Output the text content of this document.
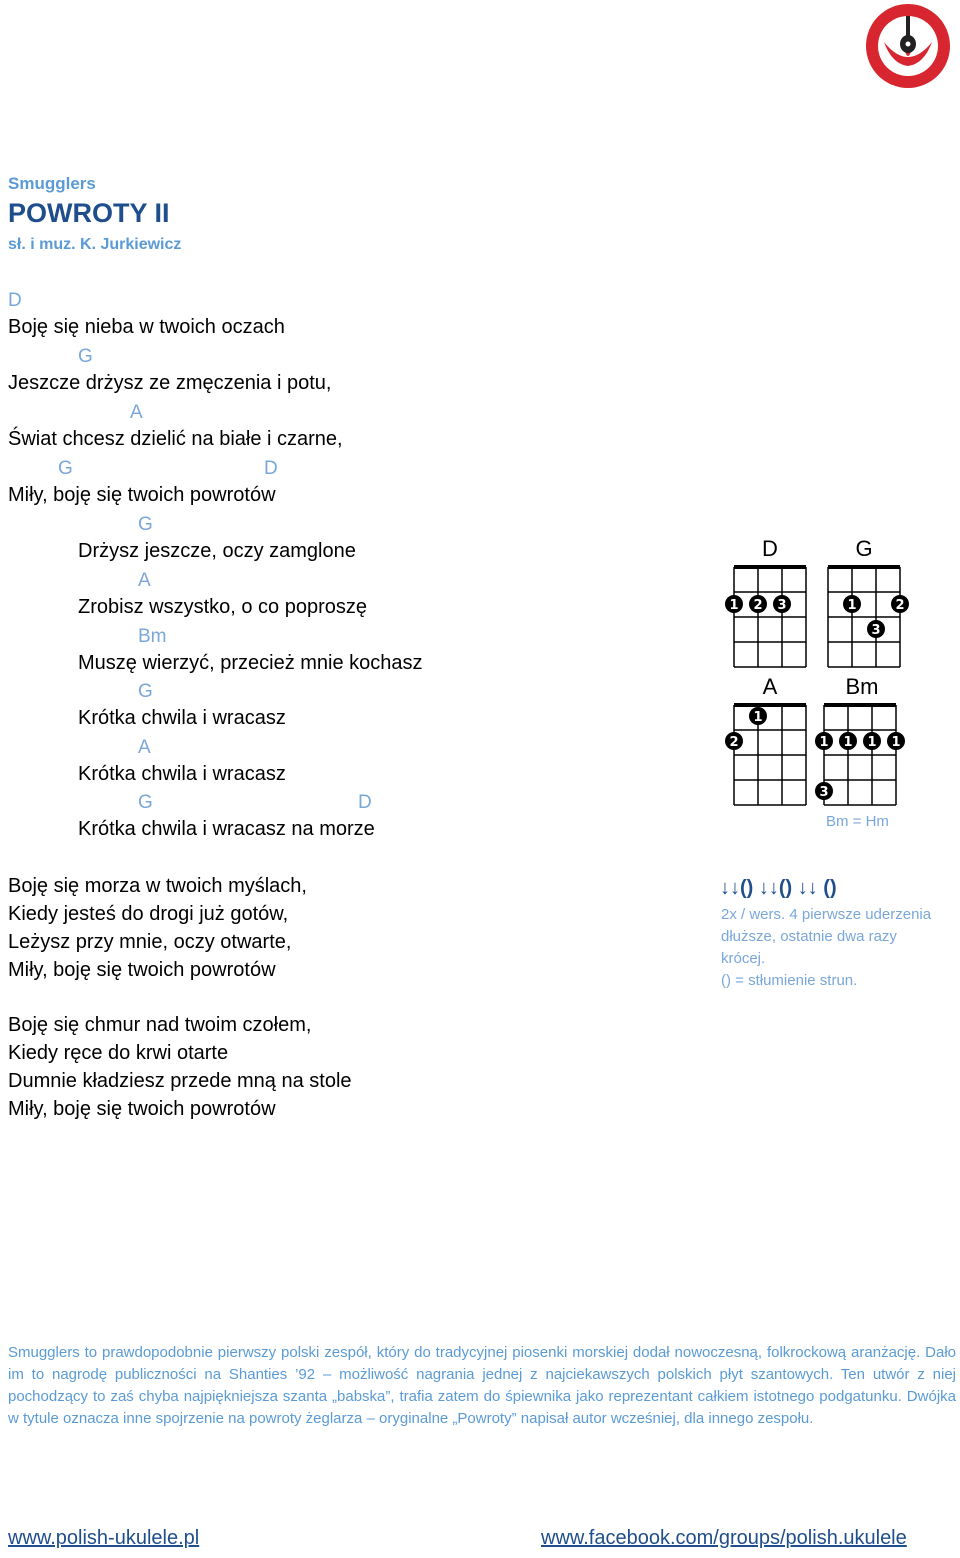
Smugglers
POWROTY II
sł. i muz. K. Jurkiewicz
D
Boję się nieba w twoich oczach
G
Jeszcze drżysz ze zmęczenia i potu,
A
Świat chcesz dzielić na białe i czarne,
G	D
Miły, boję się twoich powrotów
G
Drżysz jeszcze, oczy zamglone
A
Zrobisz wszystko, o co poproszę
Bm
Muszę wierzyć, przecież mnie kochasz
G
Krótka chwila i wracasz
A
Krótka chwila i wracasz
G	D
Krótka chwila i wracasz na morze
Boję się morza w twoich myślach,
Kiedy jesteś do drogi już gotów,
Leżysz przy mnie, oczy otwarte,
Miły, boję się twoich powrotów
Boję się chmur nad twoim czołem,
Kiedy ręce do krwi otarte
Dumnie kładziesz przede mną na stole
Miły, boję się twoich powrotów
D	G
A	Bm
1 2 3	1	2
3
1
2	1 1 1 1
3
Bm = Hm
↓↓() ↓↓() ↓↓ ()
2x / wers. 4 pierwsze uderzenia
dłuższe, ostatnie dwa razy
krócej.
() = stłumienie strun.
Smugglers to prawdopodobnie pierwszy polski zespół, który do tradycyjnej piosenki morskiej dodał nowoczesną, folkrockową aranżację. Dało im to nagrodę publiczności na Shanties ’92 – możliwość nagrania jednej z najciekawszych polskich płyt szantowych. Ten utwór z niej pochodzący to zaś chyba najpiękniejsza szanta „babska”, trafia zatem do śpiewnika jako reprezentant całkiem istotnego podgatunku. Dwójka w tytule oznacza inne spojrzenie na powroty żeglarza – oryginalne „Powroty” napisał autor wcześniej, dla innego zespołu.
www.polish-ukulele.pl	www.facebook.com/groups/polish.ukulele
